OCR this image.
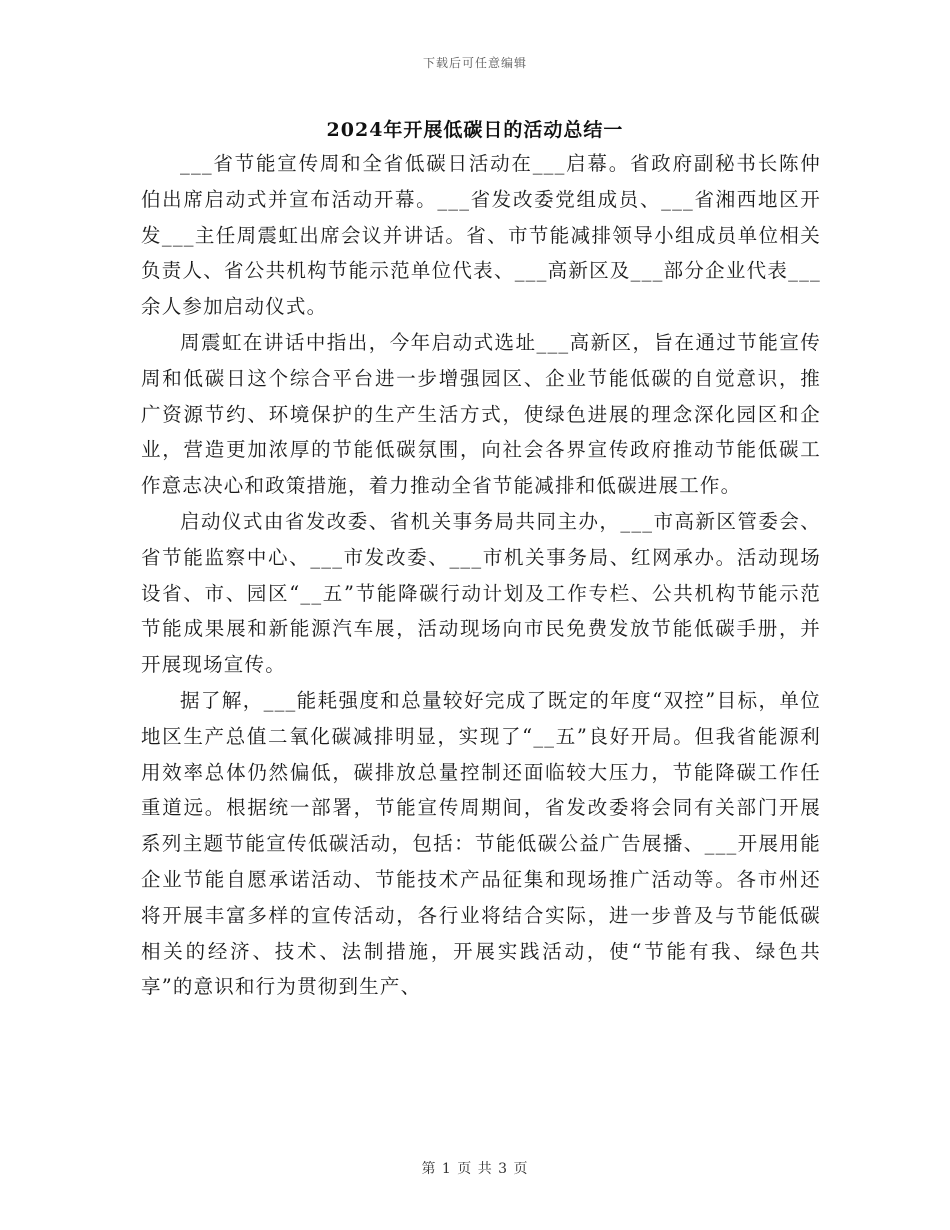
下载后可任意编辑
2024年开展低碳日的活动总结一

___省节能宣传周和全省低碳日活动在___启幕。省政府副秘书长陈仲伯出席启动式并宣布活动开幕。___省发改委党组成员、___省湘西地区开发___主任周震虹出席会议并讲话。省、市节能减排领导小组成员单位相关负责人、省公共机构节能示范单位代表、___高新区及___部分企业代表___余人参加启动仪式。

周震虹在讲话中指出，今年启动式选址___高新区，旨在通过节能宣传周和低碳日这个综合平台进一步增强园区、企业节能低碳的自觉意识，推广资源节约、环境保护的生产生活方式，使绿色进展的理念深化园区和企业，营造更加浓厚的节能低碳氛围，向社会各界宣传政府推动节能低碳工作意志决心和政策措施，着力推动全省节能减排和低碳进展工作。

启动仪式由省发改委、省机关事务局共同主办，___市高新区管委会、省节能监察中心、___市发改委、___市机关事务局、红网承办。活动现场设省、市、园区“__五”节能降碳行动计划及工作专栏、公共机构节能示范节能成果展和新能源汽车展，活动现场向市民免费发放节能低碳手册，并开展现场宣传。

据了解，___能耗强度和总量较好完成了既定的年度“双控”目标，单位地区生产总值二氧化碳减排明显，实现了“__五”良好开局。但我省能源利用效率总体仍然偏低，碳排放总量控制还面临较大压力，节能降碳工作任重道远。根据统一部署，节能宣传周期间，省发改委将会同有关部门开展系列主题节能宣传低碳活动，包括：节能低碳公益广告展播、___开展用能企业节能自愿承诺活动、节能技术产品征集和现场推广活动等。各市州还将开展丰富多样的宣传活动，各行业将结合实际，进一步普及与节能低碳相关的经济、技术、法制措施，开展实践活动，使“节能有我、绿色共享”的意识和行为贯彻到生产、

第 1 页 共 3 页
